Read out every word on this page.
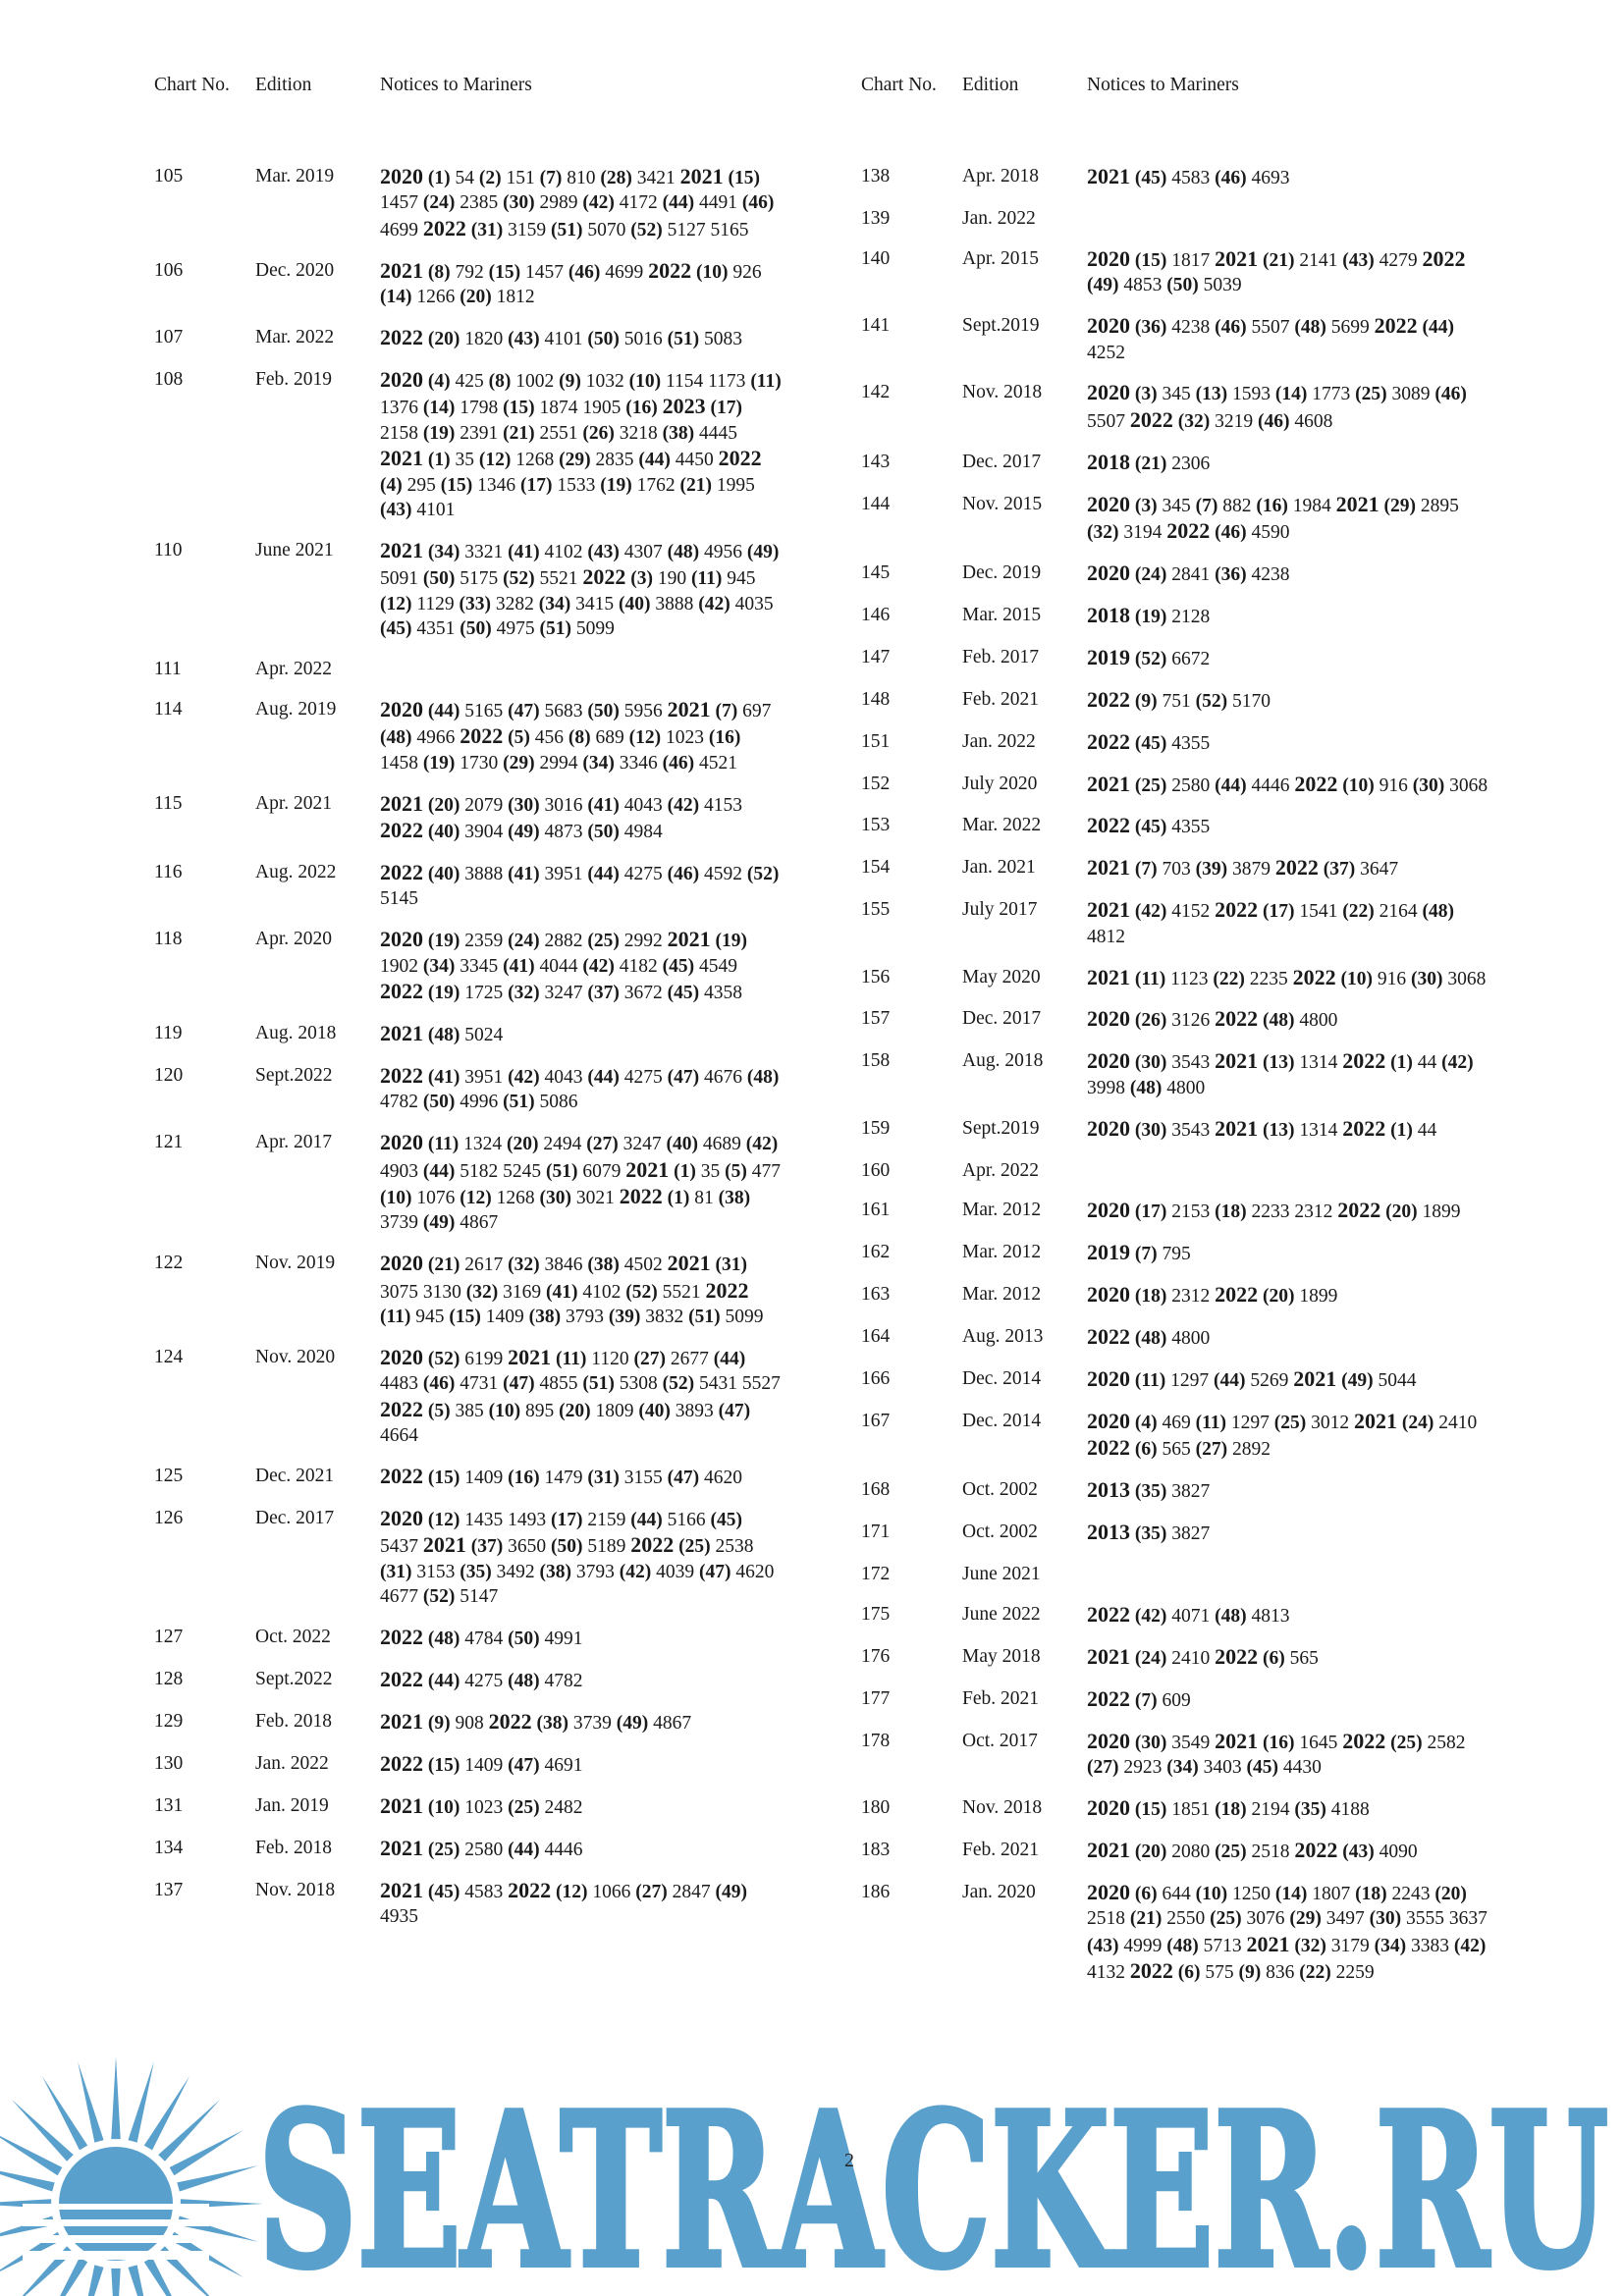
Chart No.	Edition	Notices to Mariners
105	Mar. 2019	2020 (1) 54 (2) 151 (7) 810 (28) 3421 2021 (15) 1457 (24) 2385 (30) 2989 (42) 4172 (44) 4491 (46) 4699 2022 (31) 3159 (51) 5070 (52) 5127 5165
106	Dec. 2020	2021 (8) 792 (15) 1457 (46) 4699 2022 (10) 926 (14) 1266 (20) 1812
107	Mar. 2022	2022 (20) 1820 (43) 4101 (50) 5016 (51) 5083
108	Feb. 2019	2020 (4) 425 (8) 1002 (9) 1032 (10) 1154 1173 (11) 1376 (14) 1798 (15) 1874 1905 (16) 2023 (17) 2158 (19) 2391 (21) 2551 (26) 3218 (38) 4445 2021 (1) 35 (12) 1268 (29) 2835 (44) 4450 2022 (4) 295 (15) 1346 (17) 1533 (19) 1762 (21) 1995 (43) 4101
110	June 2021	2021 (34) 3321 (41) 4102 (43) 4307 (48) 4956 (49) 5091 (50) 5175 (52) 5521 2022 (3) 190 (11) 945 (12) 1129 (33) 3282 (34) 3415 (40) 3888 (42) 4035 (45) 4351 (50) 4975 (51) 5099
111	Apr. 2022
114	Aug. 2019	2020 (44) 5165 (47) 5683 (50) 5956 2021 (7) 697 (48) 4966 2022 (5) 456 (8) 689 (12) 1023 (16) 1458 (19) 1730 (29) 2994 (34) 3346 (46) 4521
115	Apr. 2021	2021 (20) 2079 (30) 3016 (41) 4043 (42) 4153 2022 (40) 3904 (49) 4873 (50) 4984
116	Aug. 2022	2022 (40) 3888 (41) 3951 (44) 4275 (46) 4592 (52) 5145
118	Apr. 2020	2020 (19) 2359 (24) 2882 (25) 2992 2021 (19) 1902 (34) 3345 (41) 4044 (42) 4182 (45) 4549 2022 (19) 1725 (32) 3247 (37) 3672 (45) 4358
119	Aug. 2018	2021 (48) 5024
120	Sept.2022	2022 (41) 3951 (42) 4043 (44) 4275 (47) 4676 (48) 4782 (50) 4996 (51) 5086
121	Apr. 2017	2020 (11) 1324 (20) 2494 (27) 3247 (40) 4689 (42) 4903 (44) 5182 5245 (51) 6079 2021 (1) 35 (5) 477 (10) 1076 (12) 1268 (30) 3021 2022 (1) 81 (38) 3739 (49) 4867
122	Nov. 2019	2020 (21) 2617 (32) 3846 (38) 4502 2021 (31) 3075 3130 (32) 3169 (41) 4102 (52) 5521 2022 (11) 945 (15) 1409 (38) 3793 (39) 3832 (51) 5099
124	Nov. 2020	2020 (52) 6199 2021 (11) 1120 (27) 2677 (44) 4483 (46) 4731 (47) 4855 (51) 5308 (52) 5431 5527 2022 (5) 385 (10) 895 (20) 1809 (40) 3893 (47) 4664
125	Dec. 2021	2022 (15) 1409 (16) 1479 (31) 3155 (47) 4620
126	Dec. 2017	2020 (12) 1435 1493 (17) 2159 (44) 5166 (45) 5437 2021 (37) 3650 (50) 5189 2022 (25) 2538 (31) 3153 (35) 3492 (38) 3793 (42) 4039 (47) 4620 4677 (52) 5147
127	Oct. 2022	2022 (48) 4784 (50) 4991
128	Sept.2022	2022 (44) 4275 (48) 4782
129	Feb. 2018	2021 (9) 908 2022 (38) 3739 (49) 4867
130	Jan. 2022	2022 (15) 1409 (47) 4691
131	Jan. 2019	2021 (10) 1023 (25) 2482
134	Feb. 2018	2021 (25) 2580 (44) 4446
137	Nov. 2018	2021 (45) 4583 2022 (12) 1066 (27) 2847 (49) 4935
Chart No.	Edition	Notices to Mariners
138	Apr. 2018	2021 (45) 4583 (46) 4693
139	Jan. 2022
140	Apr. 2015	2020 (15) 1817 2021 (21) 2141 (43) 4279 2022 (49) 4853 (50) 5039
141	Sept.2019	2020 (36) 4238 (46) 5507 (48) 5699 2022 (44) 4252
142	Nov. 2018	2020 (3) 345 (13) 1593 (14) 1773 (25) 3089 (46) 5507 2022 (32) 3219 (46) 4608
143	Dec. 2017	2018 (21) 2306
144	Nov. 2015	2020 (3) 345 (7) 882 (16) 1984 2021 (29) 2895 (32) 3194 2022 (46) 4590
145	Dec. 2019	2020 (24) 2841 (36) 4238
146	Mar. 2015	2018 (19) 2128
147	Feb. 2017	2019 (52) 6672
148	Feb. 2021	2022 (9) 751 (52) 5170
151	Jan. 2022	2022 (45) 4355
152	July 2020	2021 (25) 2580 (44) 4446 2022 (10) 916 (30) 3068
153	Mar. 2022	2022 (45) 4355
154	Jan. 2021	2021 (7) 703 (39) 3879 2022 (37) 3647
155	July 2017	2021 (42) 4152 2022 (17) 1541 (22) 2164 (48) 4812
156	May 2020	2021 (11) 1123 (22) 2235 2022 (10) 916 (30) 3068
157	Dec. 2017	2020 (26) 3126 2022 (48) 4800
158	Aug. 2018	2020 (30) 3543 2021 (13) 1314 2022 (1) 44 (42) 3998 (48) 4800
159	Sept.2019	2020 (30) 3543 2021 (13) 1314 2022 (1) 44
160	Apr. 2022
161	Mar. 2012	2020 (17) 2153 (18) 2233 2312 2022 (20) 1899
162	Mar. 2012	2019 (7) 795
163	Mar. 2012	2020 (18) 2312 2022 (20) 1899
164	Aug. 2013	2022 (48) 4800
166	Dec. 2014	2020 (11) 1297 (44) 5269 2021 (49) 5044
167	Dec. 2014	2020 (4) 469 (11) 1297 (25) 3012 2021 (24) 2410 2022 (6) 565 (27) 2892
168	Oct. 2002	2013 (35) 3827
171	Oct. 2002	2013 (35) 3827
172	June 2021
175	June 2022	2022 (42) 4071 (48) 4813
176	May 2018	2021 (24) 2410 2022 (6) 565
177	Feb. 2021	2022 (7) 609
178	Oct. 2017	2020 (30) 3549 2021 (16) 1645 2022 (25) 2582 (27) 2923 (34) 3403 (45) 4430
180	Nov. 2018	2020 (15) 1851 (18) 2194 (35) 4188
183	Feb. 2021	2021 (20) 2080 (25) 2518 2022 (43) 4090
186	Jan. 2020	2020 (6) 644 (10) 1250 (14) 1807 (18) 2243 (20) 2518 (21) 2550 (25) 3076 (29) 3497 (30) 3555 3637 (43) 4999 (48) 5713 2021 (32) 3179 (34) 3383 (42) 4132 2022 (6) 575 (9) 836 (22) 2259
SEATRACKER.RU
2
